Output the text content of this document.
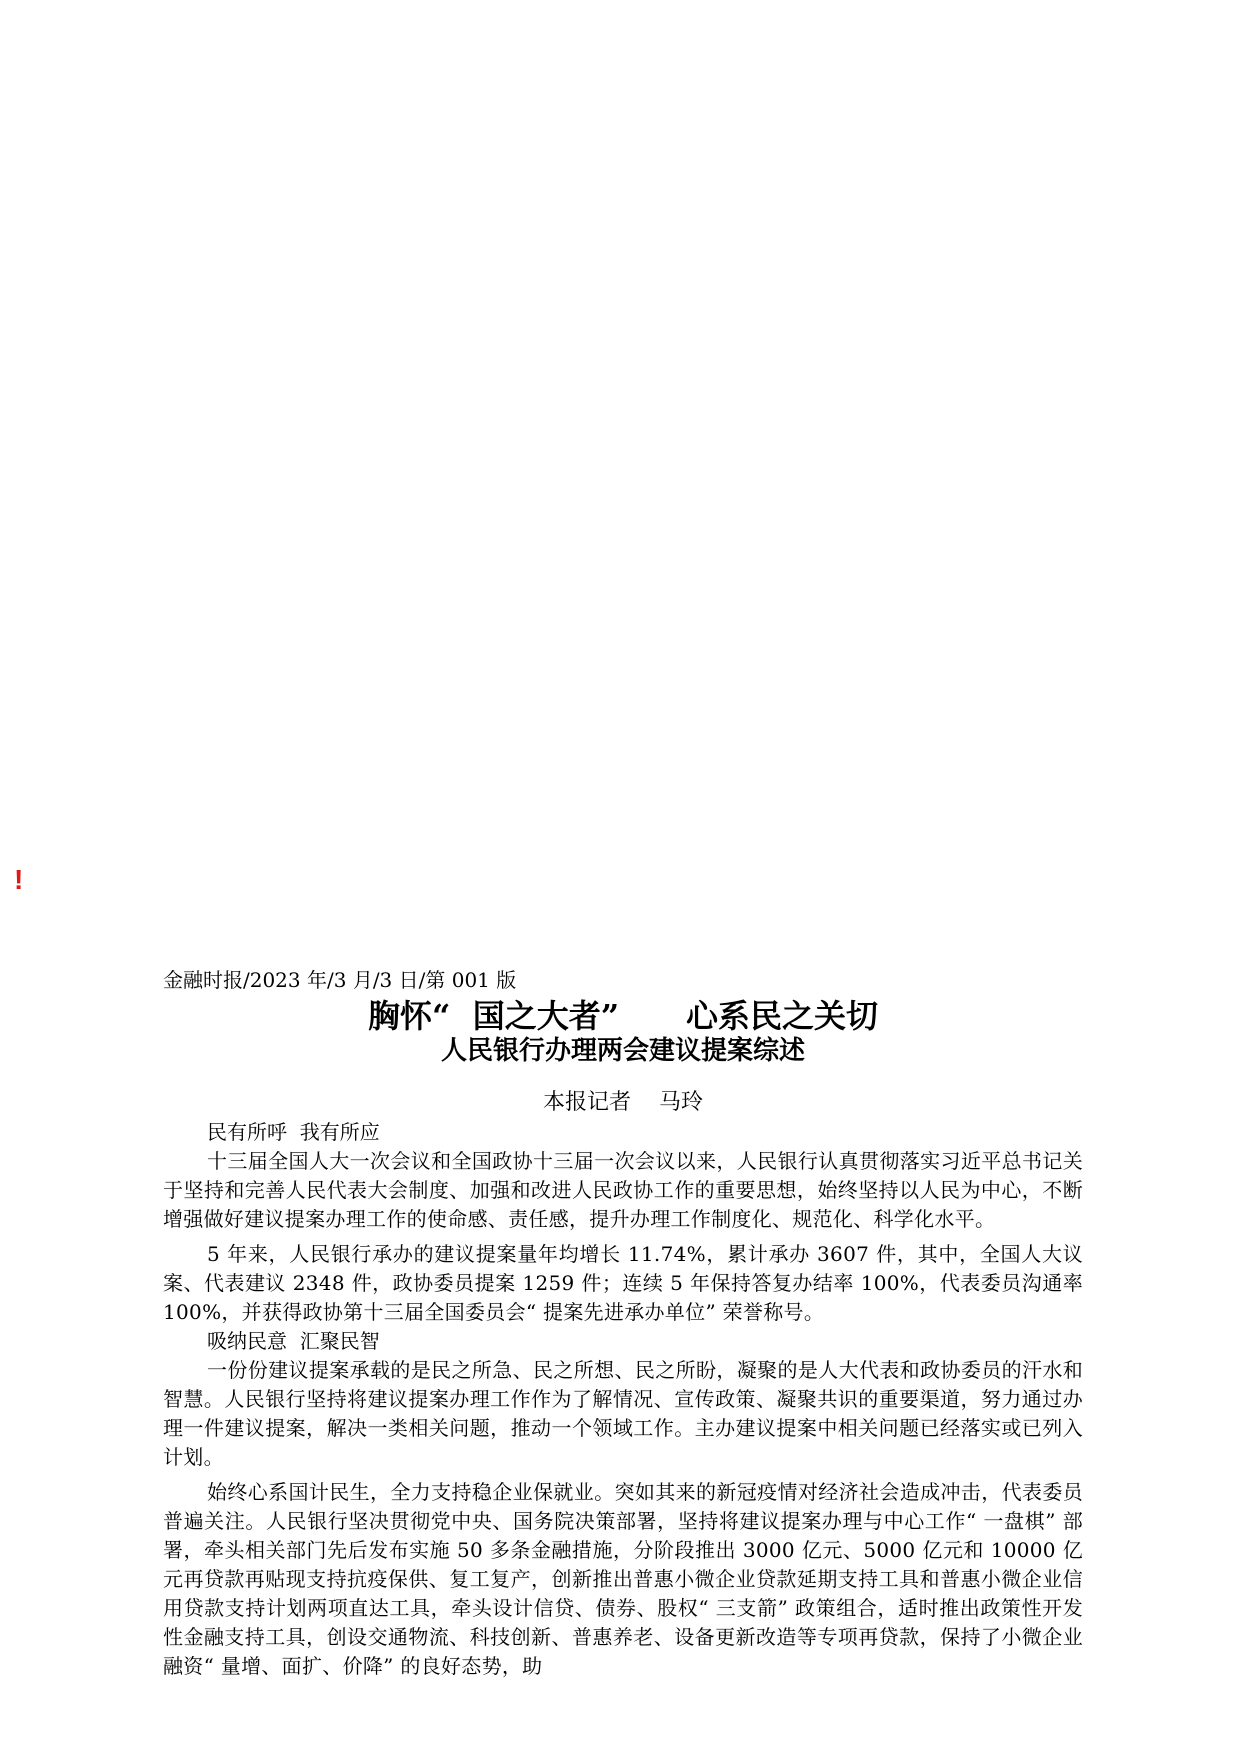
!

金融时报/2023 年/3 月/3 日/第 001 版

胸怀“  国之大者”      心系民之关切
人民银行办理两会建议提案综述

本报记者    马玲

民有所呼  我有所应

十三届全国人大一次会议和全国政协十三届一次会议以来，人民银行认真贯彻落实习近平总书记关于坚持和完善人民代表大会制度、加强和改进人民政协工作的重要思想，始终坚持以人民为中心，不断增强做好建议提案办理工作的使命感、责任感，提升办理工作制度化、规范化、科学化水平。

5 年来，人民银行承办的建议提案量年均增长 11.74%，累计承办 3607 件，其中，全国人大议案、代表建议 2348 件，政协委员提案 1259 件；连续 5 年保持答复办结率 100%，代表委员沟通率 100%，并获得政协第十三届全国委员会“ 提案先进承办单位” 荣誉称号。

吸纳民意  汇聚民智

一份份建议提案承载的是民之所急、民之所想、民之所盼，凝聚的是人大代表和政协委员的汗水和智慧。人民银行坚持将建议提案办理工作作为了解情况、宣传政策、凝聚共识的重要渠道，努力通过办理一件建议提案，解决一类相关问题，推动一个领域工作。主办建议提案中相关问题已经落实或已列入计划。

始终心系国计民生，全力支持稳企业保就业。突如其来的新冠疫情对经济社会造成冲击，代表委员普遍关注。人民银行坚决贯彻党中央、国务院决策部署，坚持将建议提案办理与中心工作“ 一盘棋” 部署，牵头相关部门先后发布实施 50 多条金融措施，分阶段推出 3000 亿元、5000 亿元和 10000 亿元再贷款再贴现支持抗疫保供、复工复产，创新推出普惠小微企业贷款延期支持工具和普惠小微企业信用贷款支持计划两项直达工具，牵头设计信贷、债券、股权“ 三支箭” 政策组合，适时推出政策性开发性金融支持工具，创设交通物流、科技创新、普惠养老、设备更新改造等专项再贷款，保持了小微企业融资“ 量增、面扩、价降” 的良好态势，助
